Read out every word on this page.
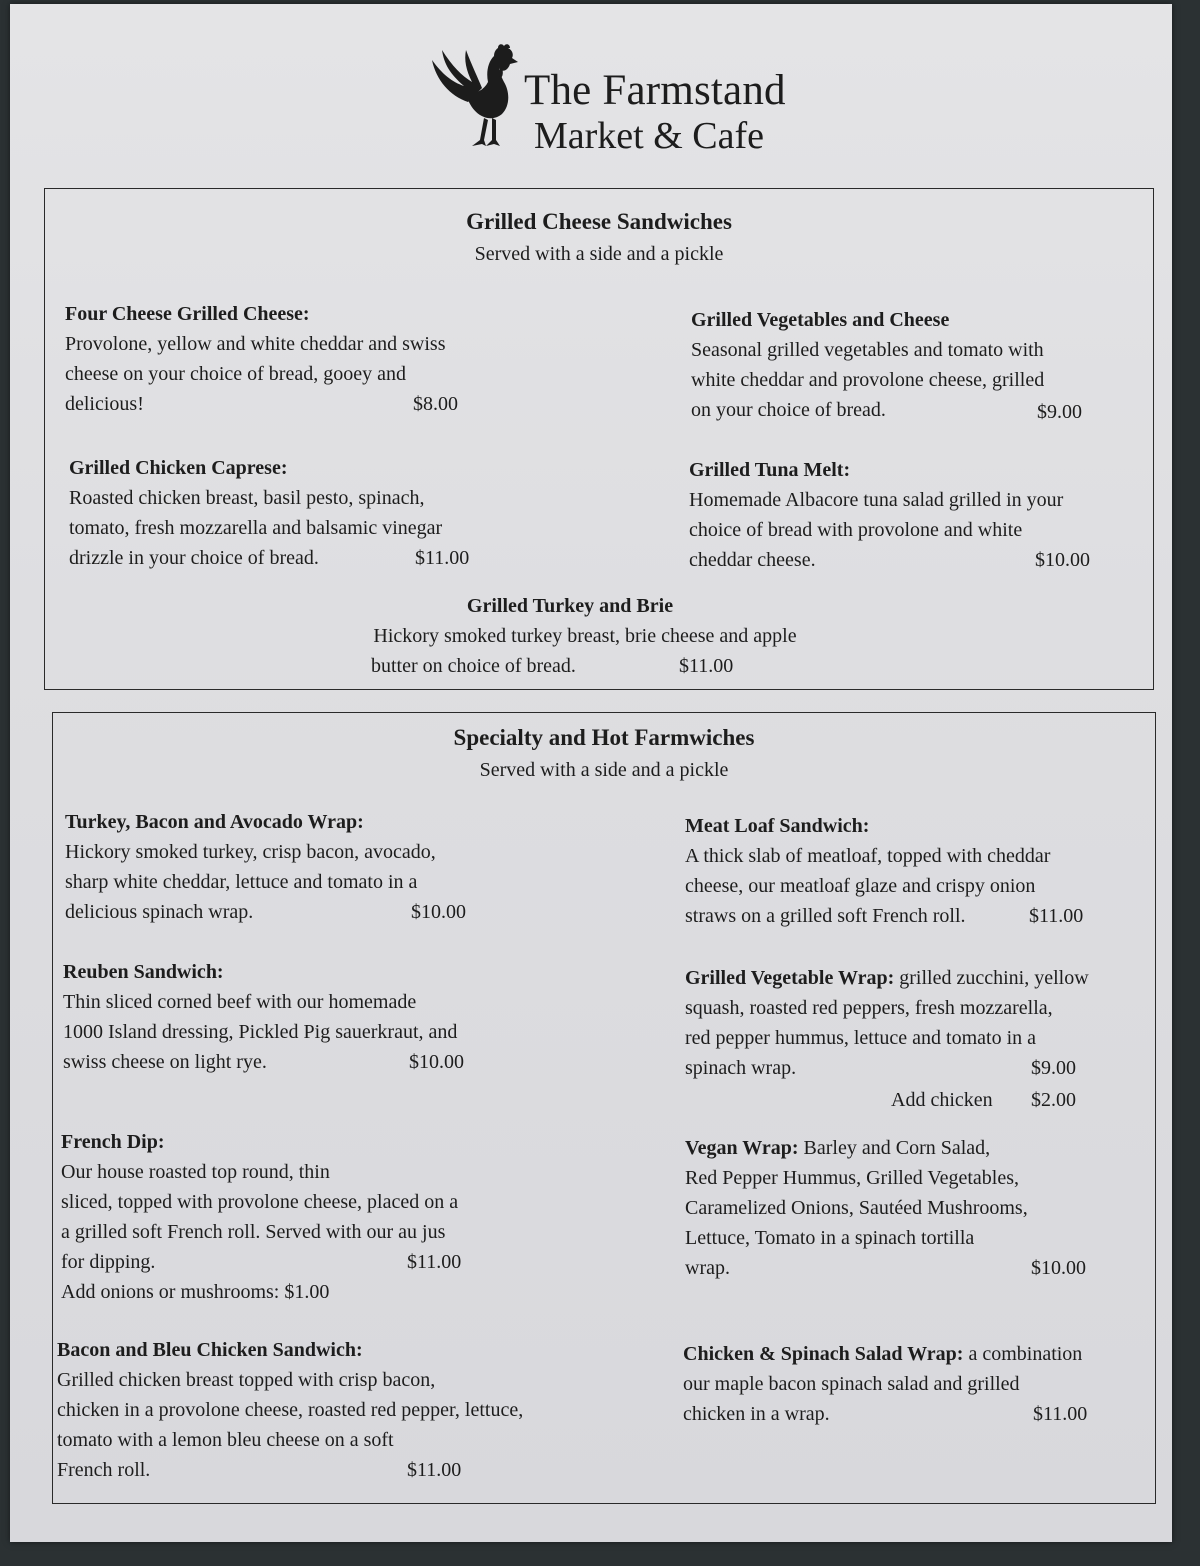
The Farmstand
Market & Cafe
Grilled Cheese Sandwiches
Served with a side and a pickle
Four Cheese Grilled Cheese:
Provolone, yellow and white cheddar and swiss
cheese on your choice of bread, gooey and
delicious!	$8.00
Grilled Vegetables and Cheese
Seasonal grilled vegetables and tomato with
white cheddar and provolone cheese, grilled
on your choice of bread.	$9.00
Grilled Chicken Caprese:
Roasted chicken breast, basil pesto, spinach,
tomato, fresh mozzarella and balsamic vinegar
drizzle in your choice of bread.	$11.00
Grilled Tuna Melt:
Homemade Albacore tuna salad grilled in your
choice of bread with provolone and white
cheddar cheese.	$10.00
Grilled Turkey and Brie
Hickory smoked turkey breast, brie cheese and apple
butter on choice of bread.	$11.00
Specialty and Hot Farmwiches
Served with a side and a pickle
Turkey, Bacon and Avocado Wrap:
Hickory smoked turkey, crisp bacon, avocado,
sharp white cheddar, lettuce and tomato in a
delicious spinach wrap.	$10.00
Meat Loaf Sandwich:
A thick slab of meatloaf, topped with cheddar
cheese, our meatloaf glaze and crispy onion
straws on a grilled soft French roll.	$11.00
Reuben Sandwich:
Thin sliced corned beef with our homemade
1000 Island dressing, Pickled Pig sauerkraut, and
swiss cheese on light rye.	$10.00
Grilled Vegetable Wrap: grilled zucchini, yellow
squash, roasted red peppers, fresh mozzarella,
red pepper hummus, lettuce and tomato in a
spinach wrap.	$9.00
Add chicken $2.00
French Dip:
Our house roasted top round, thin
sliced, topped with provolone cheese, placed on a
a grilled soft French roll. Served with our au jus
for dipping.
Add onions or mushrooms: $1.00
$11.00
Vegan Wrap: Barley and Corn Salad,
Red Pepper Hummus, Grilled Vegetables,
Caramelized Onions, Sautéed Mushrooms,
Lettuce, Tomato in a spinach tortilla
wrap.	$10.00
Bacon and Bleu Chicken Sandwich:
Grilled chicken breast topped with crisp bacon,
chicken in a provolone cheese, roasted red pepper, lettuce,
tomato with a lemon bleu cheese on a soft
French roll.	$11.00
Chicken & Spinach Salad Wrap: a combination
our maple bacon spinach salad and grilled
chicken in a wrap.	$11.00
